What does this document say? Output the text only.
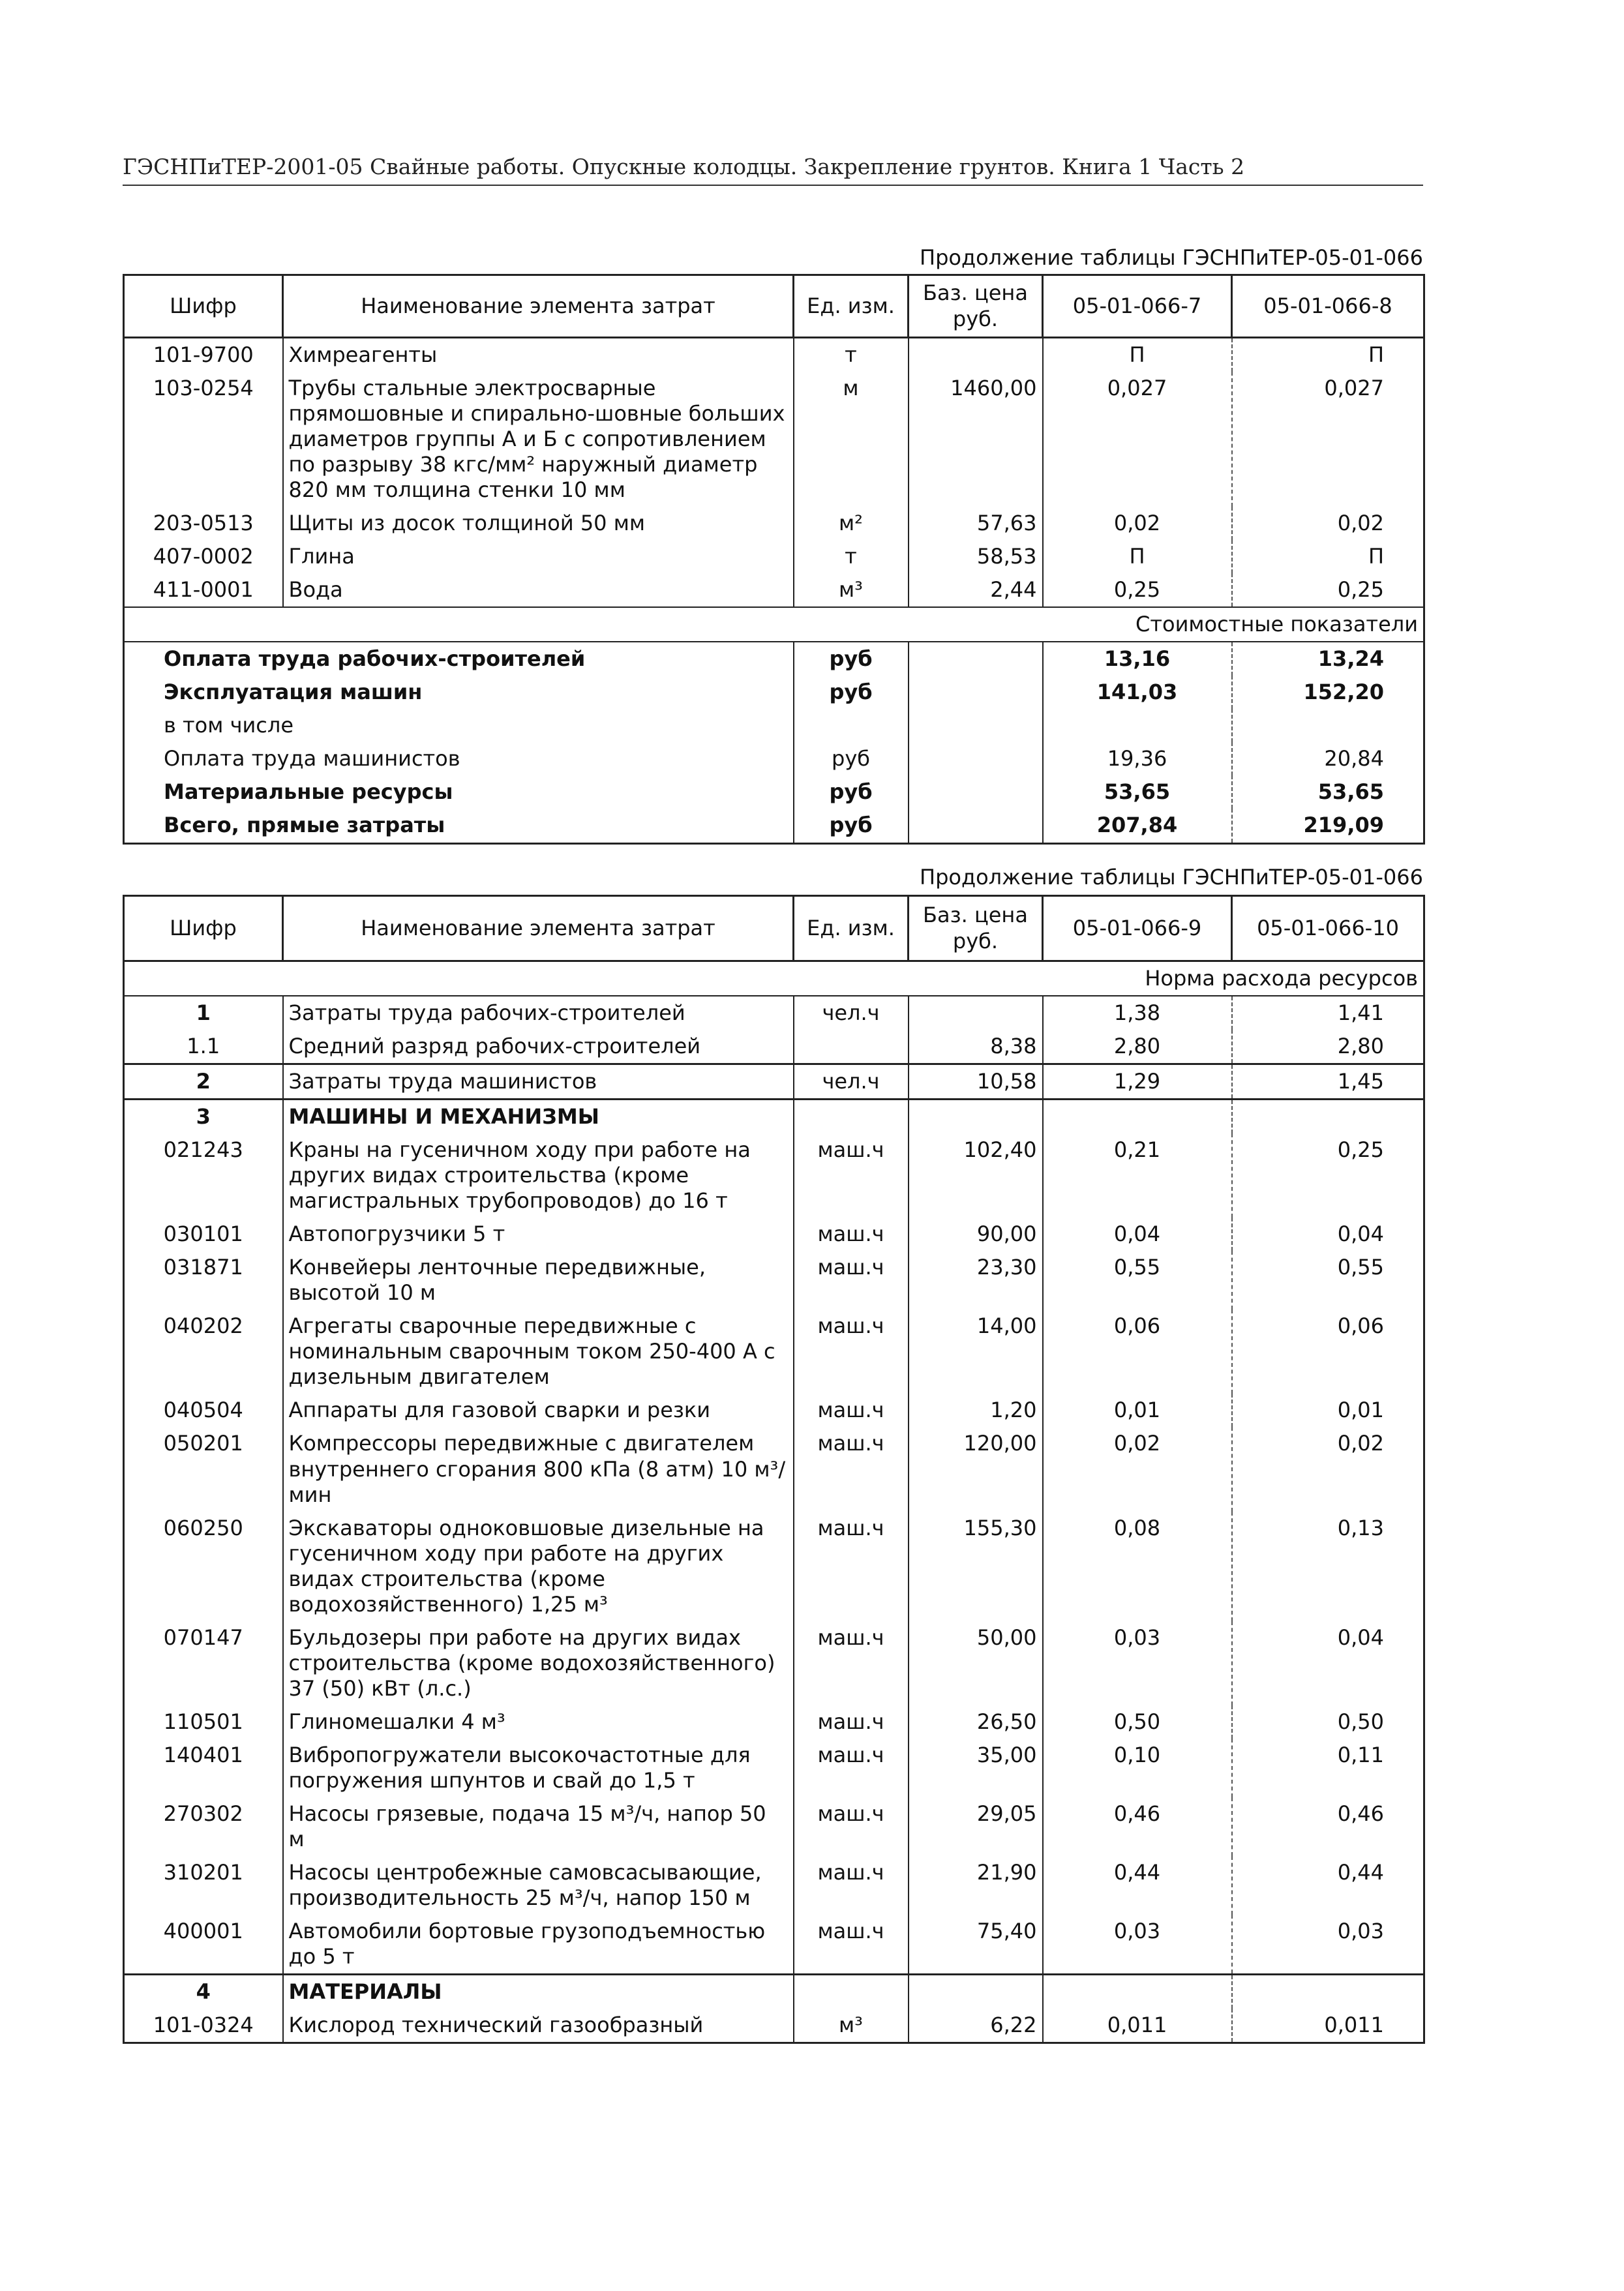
ГЭСНПиТЕР-2001-05 Свайные работы. Опускные колодцы. Закрепление грунтов. Книга 1 Часть 2
Продолжение таблицы ГЭСНПиТЕР-05-01-066
Шифр	Наименование элемента затрат	Ед. изм.	Баз. цена руб.	05-01-066-7	05-01-066-8
101-9700	Химреагенты	т		П	П
103-0254	Трубы стальные электросварные прямошовные и спирально-шовные больших диаметров группы А и Б с сопротивлением по разрыву 38 кгс/мм² наружный диаметр 820 мм толщина стенки 10 мм	м	1460,00	0,027	0,027
203-0513	Щиты из досок толщиной 50 мм	м²	57,63	0,02	0,02
407-0002	Глина	т	58,53	П	П
411-0001	Вода	м³	2,44	0,25	0,25
Стоимостные показатели					
Оплата труда рабочих-строителей		руб		13,16	13,24
Эксплуатация машин		руб		141,03	152,20
в том числе					
Оплата труда машинистов		руб		19,36	20,84
Материальные ресурсы		руб		53,65	53,65
Всего, прямые затраты		руб		207,84	219,09
Продолжение таблицы ГЭСНПиТЕР-05-01-066
Шифр	Наименование элемента затрат	Ед. изм.	Баз. цена руб.	05-01-066-9	05-01-066-10
Норма расхода ресурсов					
1	Затраты труда рабочих-строителей	чел.ч		1,38	1,41
1.1	Средний разряд рабочих-строителей		8,38	2,80	2,80
2	Затраты труда машинистов	чел.ч	10,58	1,29	1,45
3	МАШИНЫ И МЕХАНИЗМЫ				
021243	Краны на гусеничном ходу при работе на других видах строительства (кроме магистральных трубопроводов) до 16 т	маш.ч	102,40	0,21	0,25
030101	Автопогрузчики 5 т	маш.ч	90,00	0,04	0,04
031871	Конвейеры ленточные передвижные, высотой 10 м	маш.ч	23,30	0,55	0,55
040202	Агрегаты сварочные передвижные с номинальным сварочным током 250-400 А с дизельным двигателем	маш.ч	14,00	0,06	0,06
040504	Аппараты для газовой сварки и резки	маш.ч	1,20	0,01	0,01
050201	Компрессоры передвижные с двигателем внутреннего сгорания 800 кПа (8 атм) 10 м³/мин	маш.ч	120,00	0,02	0,02
060250	Экскаваторы одноковшовые дизельные на гусеничном ходу при работе на других видах строительства (кроме водохозяйственного) 1,25 м³	маш.ч	155,30	0,08	0,13
070147	Бульдозеры при работе на других видах строительства (кроме водохозяйственного) 37 (50) кВт (л.с.)	маш.ч	50,00	0,03	0,04
110501	Глиномешалки 4 м³	маш.ч	26,50	0,50	0,50
140401	Вибропогружатели высокочастотные для погружения шпунтов и свай до 1,5 т	маш.ч	35,00	0,10	0,11
270302	Насосы грязевые, подача 15 м³/ч, напор 50 м	маш.ч	29,05	0,46	0,46
310201	Насосы центробежные самовсасывающие, производительность 25 м³/ч, напор 150 м	маш.ч	21,90	0,44	0,44
400001	Автомобили бортовые грузоподъемностью до 5 т	маш.ч	75,40	0,03	0,03
4	МАТЕРИАЛЫ				
101-0324	Кислород технический газообразный	м³	6,22	0,011	0,011
